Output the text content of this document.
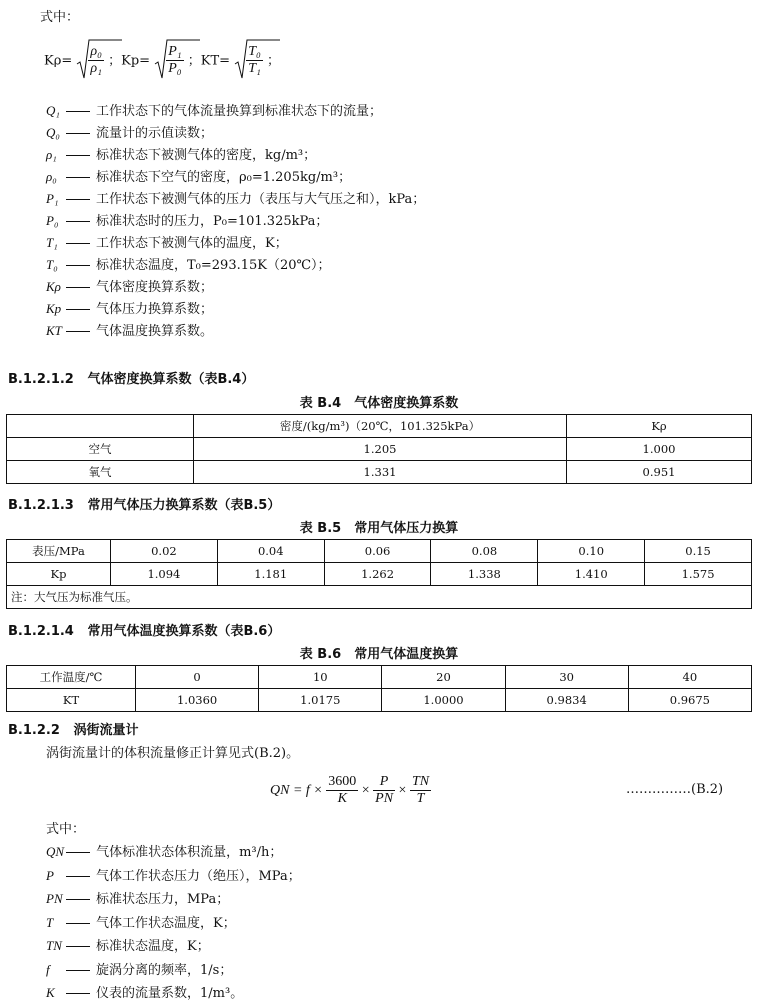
式中：
$K\rho= \frac{\text{ρ₀}}{\text{ρ₁}}$ ；$Kp= \frac{\text{P₁}}{\text{P₀}}$ ；$KT= \frac{\text{T₀}}{\text{T₁}}$ ；
Q₁	工作状态下的气体流量换算到标准状态下的流量；
Q₀	流量计的示值读数；
ρ₁	标准状态下被测气体的密度，kg/m³；
ρ₀	标准状态下空气的密度，ρ₀=1.205kg/m³；
P₁	工作状态下被测气体的压力（表压与大气压之和），kPa；
P₀	标准状态时的压力，P₀=101.325kPa；
T₁	工作状态下被测气体的温度，K；
T₀	标准状态温度，T₀=293.15K（20℃）；
Kρ	气体密度换算系数；
Kp	气体压力换算系数；
KT	气体温度换算系数。
B.1.2.1.2 气体密度换算系数（表B.4）
表 B.4　气体密度换算系数
	密度/(kg/m³)（20℃，101.325kPa）	Kρ
空气	1.205	1.000
氧气	1.331	0.951
B.1.2.1.3 常用气体压力换算系数（表B.5）
表 B.5　常用气体压力换算
表压/MPa	0.02	0.04	0.06	0.08	0.10	0.15
Kp	1.094	1.181	1.262	1.338	1.410	1.575
注：大气压为标准气压。						
B.1.2.1.4 常用气体温度换算系数（表B.6）
表 B.6　常用气体温度换算
工作温度/℃	0	10	20	30	40
KT	1.0360	1.0175	1.0000	0.9834	0.9675
B.1.2.2 涡街流量计
涡街流量计的体积流量修正计算见式(B.2)。
QN = $f \times \frac{3600}{K} \times \frac{P}{PN} \times \frac{TN}{T}$	……………(B.2)
式中：
QN 气体标准状态体积流量，m³/h；
P	气体工作状态压力（绝压），MPa；
PN	标准状态压力，MPa；
T	气体工作状态温度，K；
TN	标准状态温度，K；
f	旋涡分离的频率，1/s；
K	仪表的流量系数，1/m³。
